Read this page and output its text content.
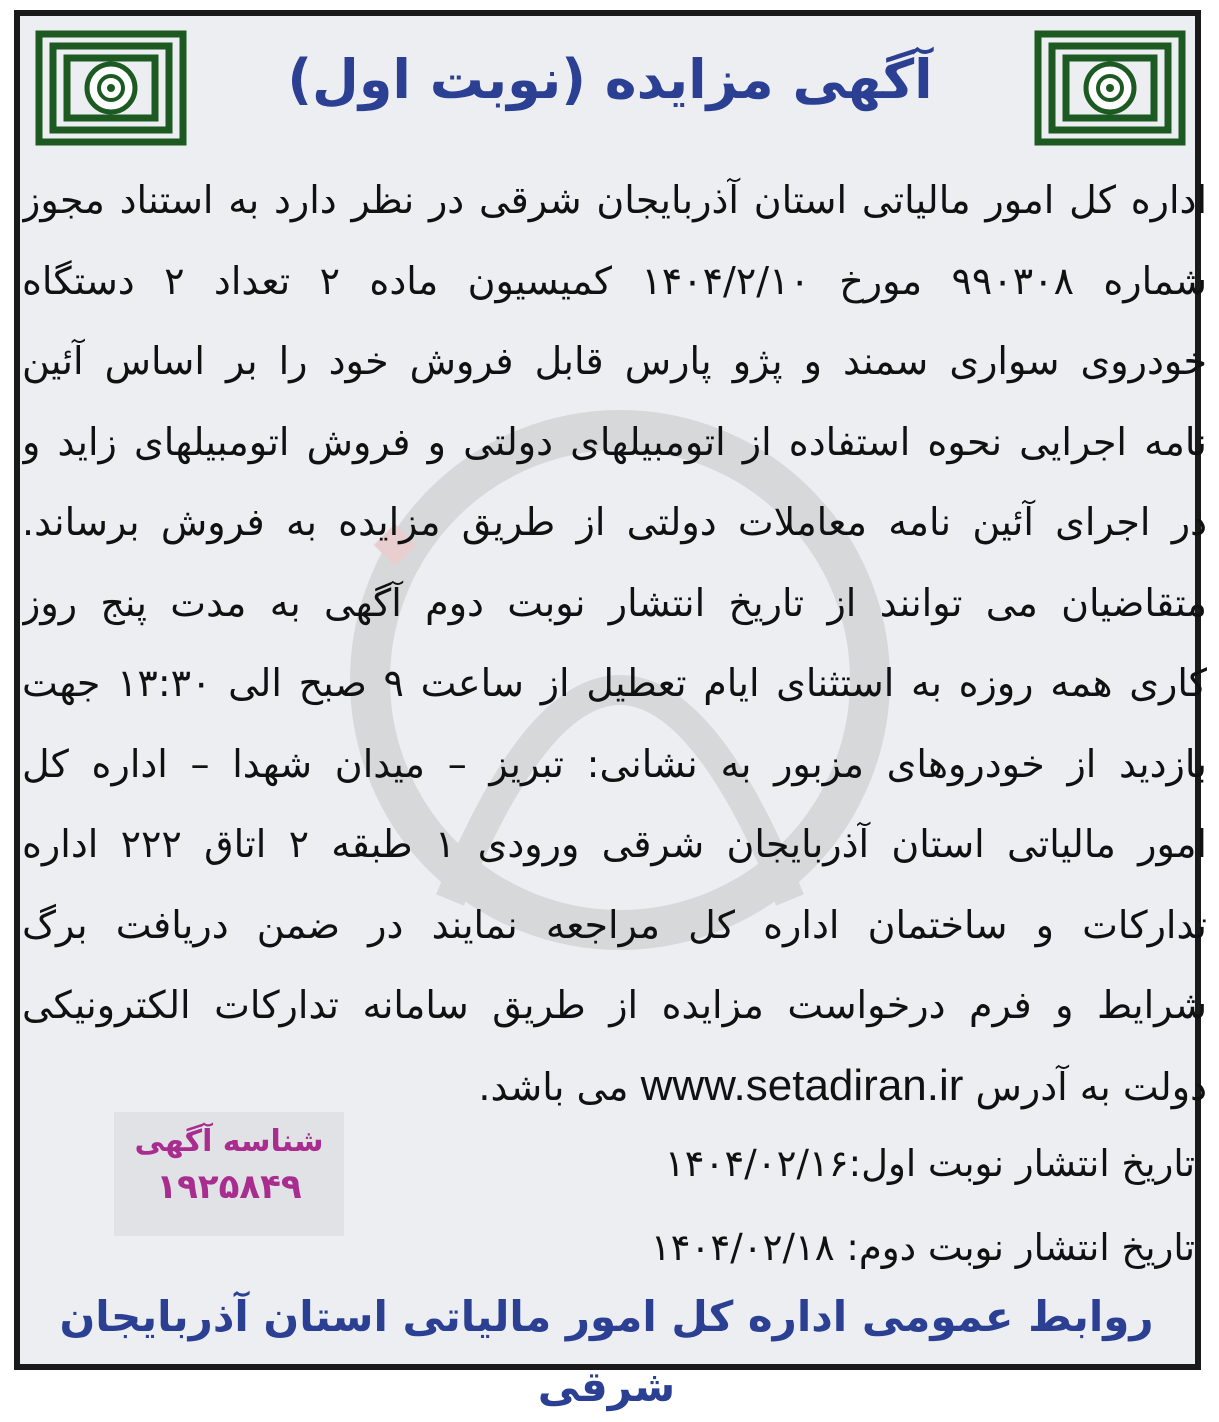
آگهی مزایده (نوبت اول)
اداره کل امور مالیاتی استان آذربایجان شرقی در نظر دارد به استناد مجوز
شماره ۹۹۰۳۰۸ مورخ ۱۴۰۴/۲/۱۰ کمیسیون ماده ۲ تعداد ۲ دستگاه
خودروی سواری سمند و پژو پارس قابل فروش خود را بر اساس آئین
نامه اجرایی نحوه استفاده از اتومبیلهای دولتی و فروش اتومبیلهای زاید و
در اجرای آئین نامه معاملات دولتی از طریق مزایده به فروش برساند.
متقاضیان می توانند از تاریخ انتشار نوبت دوم آگهی به مدت پنج روز
کاری همه روزه به استثنای ایام تعطیل از ساعت ۹ صبح الی ۱۳:۳۰ جهت
بازدید از خودروهای مزبور به نشانی: تبریز – میدان شهدا – اداره کل
امور مالیاتی استان آذربایجان شرقی ورودی ۱ طبقه ۲ اتاق ۲۲۲ اداره
تدارکات و ساختمان اداره کل مراجعه نمایند در ضمن دریافت برگ
شرایط و فرم درخواست مزایده از طریق سامانه تدارکات الکترونیکی
دولت به آدرس www.setadiran.ir می باشد.
تاریخ انتشار نوبت اول:۱۴۰۴/۰۲/۱۶
تاریخ انتشار نوبت دوم: ۱۴۰۴/۰۲/۱۸
شناسه آگهی
۱۹۲۵۸۴۹
روابط عمومی اداره کل امور مالیاتی استان آذربایجان شرقی
